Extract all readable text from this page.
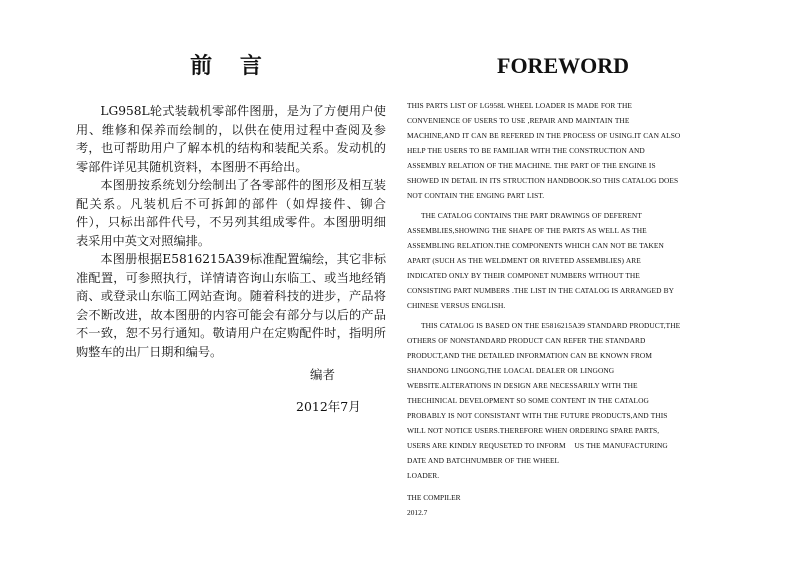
前 言

LG958L轮式装载机零部件图册，是为了方便用户使用、维修和保养而绘制的，以供在使用过程中查阅及参考，也可帮助用户了解本机的结构和装配关系。发动机的零部件详见其随机资料，本图册不再给出。

本图册按系统划分绘制出了各零部件的图形及相互装配关系。凡装机后不可拆卸的部件（如焊接件、铆合件），只标出部件代号，不另列其组成零件。本图册明细表采用中英文对照编排。

本图册根据E5816215A39标准配置编绘，其它非标准配置，可参照执行，详情请咨询山东临工、或当地经销商、或登录山东临工网站查询。随着科技的进步，产品将会不断改进，故本图册的内容可能会有部分与以后的产品不一致，恕不另行通知。敬请用户在定购配件时，指明所购整车的出厂日期和编号。

编者
2012年7月
FOREWORD

THIS PARTS LIST OF LG958L WHEEL LOADER IS MADE FOR THE
CONVENIENCE OF USERS TO USE ,REPAIR AND MAINTAIN THE
MACHINE,AND IT CAN BE REFERED IN THE PROCESS OF USING.IT CAN ALSO
HELP THE USERS TO BE FAMILIAR WITH THE CONSTRUCTION AND
ASSEMBLY RELATION OF THE MACHINE. THE PART OF THE ENGINE IS
SHOWED IN DETAIL IN ITS STRUCTION HANDBOOK.SO THIS CATALOG DOES
NOT CONTAIN THE ENGING PART LIST.

THE CATALOG CONTAINS THE PART DRAWINGS OF DEFERENT
ASSEMBLIES,SHOWING THE SHAPE OF THE PARTS AS WELL AS THE
ASSEMBLING RELATION.THE COMPONENTS WHICH CAN NOT BE TAKEN
APART (SUCH AS THE WELDMENT OR RIVETED ASSEMBLIES) ARE
INDICATED ONLY BY THEIR COMPONET NUMBERS WITHOUT THE
CONSISTING PART NUMBERS .THE LIST IN THE CATALOG IS ARRANGED BY
CHINESE VERSUS ENGLISH.

THIS CATALOG IS BASED ON THE E5816215A39 STANDARD PRODUCT,THE
OTHERS OF NONSTANDARD PRODUCT CAN REFER THE STANDARD
PRODUCT,AND THE DETAILED INFORMATION CAN BE KNOWN FROM
SHANDONG LINGONG,THE LOACAL DEALER OR LINGONG
WEBSITE.ALTERATIONS IN DESIGN ARE NECESSARILY WITH THE
THECHINICAL DEVELOPMENT SO SOME CONTENT IN THE CATALOG
PROBABLY IS NOT CONSISTANT WITH THE FUTURE PRODUCTS,AND THIS
WILL NOT NOTICE USERS.THEREFORE WHEN ORDERING SPARE PARTS,
USERS ARE KINDLY REQUSETED TO INFORM    US THE MANUFACTURING
DATE AND BATCHNUMBER OF THE WHEEL
LOADER.

THE COMPILER

2012.7
